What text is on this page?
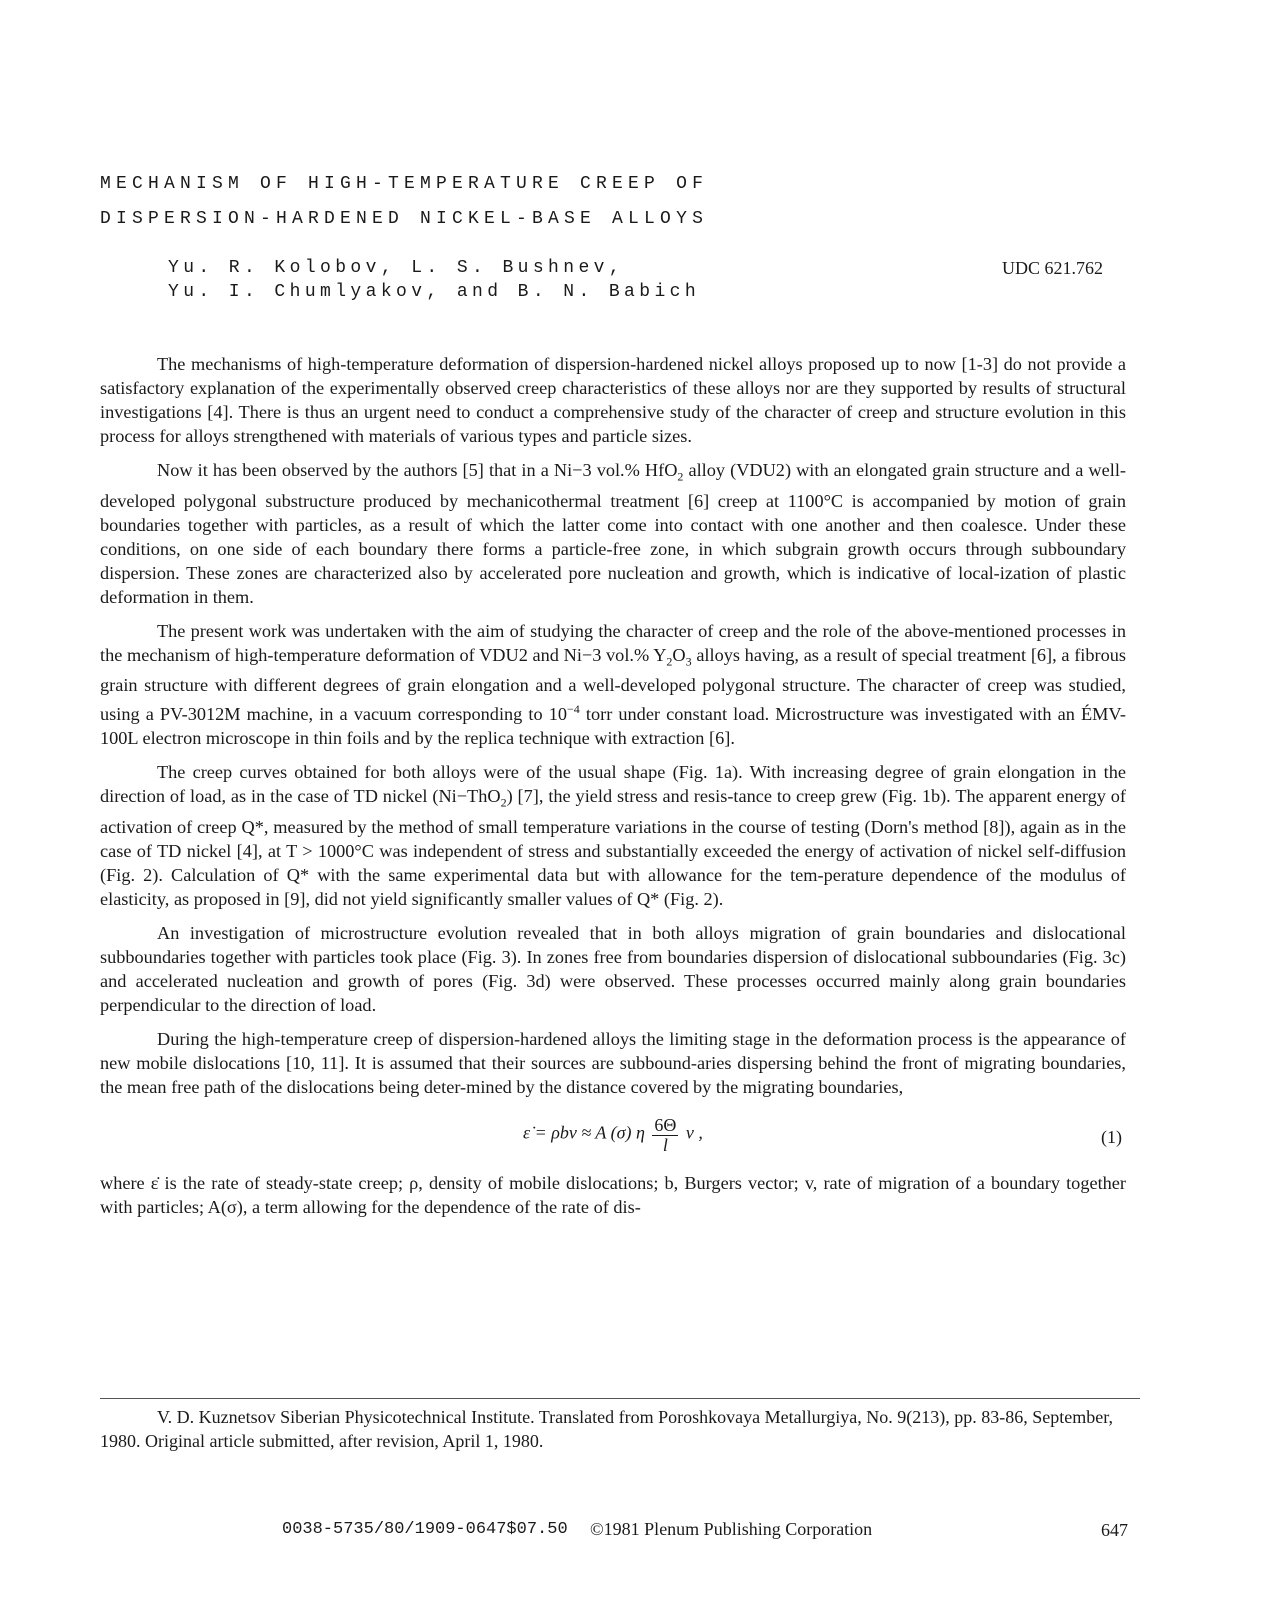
MECHANISM OF HIGH-TEMPERATURE CREEP OF
DISPERSION-HARDENED NICKEL-BASE ALLOYS
Yu. R. Kolobov, L. S. Bushnev,
Yu. I. Chumlyakov, and B. N. Babich
UDC 621.762

The mechanisms of high-temperature deformation of dispersion-hardened nickel alloys proposed up to now [1-3] do not provide a satisfactory explanation of the experimentally observed creep characteristics of these alloys nor are they supported by results of structural investigations [4]. There is thus an urgent need to conduct a comprehensive study of the character of creep and structure evolution in this process for alloys strengthened with materials of various types and particle sizes.

Now it has been observed by the authors [5] that in a Ni−3 vol.% HfO$_2$ alloy (VDU2) with an elongated grain structure and a well-developed polygonal substructure produced by mechanicothermal treatment [6] creep at 1100°C is accompanied by motion of grain boundaries together with particles, as a result of which the latter come into contact with one another and then coalesce. Under these conditions, on one side of each boundary there forms a particle-free zone, in which subgrain growth occurs through subboundary dispersion. These zones are characterized also by accelerated pore nucleation and growth, which is indicative of local-ization of plastic deformation in them.

The present work was undertaken with the aim of studying the character of creep and the role of the above-mentioned processes in the mechanism of high-temperature deformation of VDU2 and Ni−3 vol.% $Y_2O_3$ alloys having, as a result of special treatment [6], a fibrous grain structure with different degrees of grain elongation and a well-developed polygonal structure. The character of creep was studied, using a PV-3012M machine, in a vacuum corresponding to $10^{-4}$ torr under constant load. Microstructure was investigated with an ÉMV-100L electron microscope in thin foils and by the replica technique with extraction [6].

The creep curves obtained for both alloys were of the usual shape (Fig. 1a). With increasing degree of grain elongation in the direction of load, as in the case of TD nickel (Ni−ThO$_2$) [7], the yield stress and resis-tance to creep grew (Fig. 1b). The apparent energy of activation of creep Q*, measured by the method of small temperature variations in the course of testing (Dorn's method [8]), again as in the case of TD nickel [4], at T > 1000°C was independent of stress and substantially exceeded the energy of activation of nickel self-diffusion (Fig. 2). Calculation of Q* with the same experimental data but with allowance for the tem-perature dependence of the modulus of elasticity, as proposed in [9], did not yield significantly smaller values of Q* (Fig. 2).

An investigation of microstructure evolution revealed that in both alloys migration of grain boundaries and dislocational subboundaries together with particles took place (Fig. 3). In zones free from boundaries dispersion of dislocational subboundaries (Fig. 3c) and accelerated nucleation and growth of pores (Fig. 3d) were observed. These processes occurred mainly along grain boundaries perpendicular to the direction of load.

During the high-temperature creep of dispersion-hardened alloys the limiting stage in the deformation process is the appearance of new mobile dislocations [10, 11]. It is assumed that their sources are subbound-aries dispersing behind the front of migrating boundaries, the mean free path of the dislocations being deter-mined by the distance covered by the migrating boundaries,

ε̇ = ρbv ≈ A (σ) η $\frac{6\Theta}{l}$ v ,	(1)

where ε̇ is the rate of steady-state creep; ρ, density of mobile dislocations; b, Burgers vector; v, rate of migration of a boundary together with particles; A(σ), a term allowing for the dependence of the rate of dis-

V. D. Kuznetsov Siberian Physicotechnical Institute. Translated from Poroshkovaya Metallurgiya, No. 9(213), pp. 83-86, September, 1980. Original article submitted, after revision, April 1, 1980.

0038-5735/80/1909-0647$07.50 ©1981 Plenum Publishing Corporation	647
